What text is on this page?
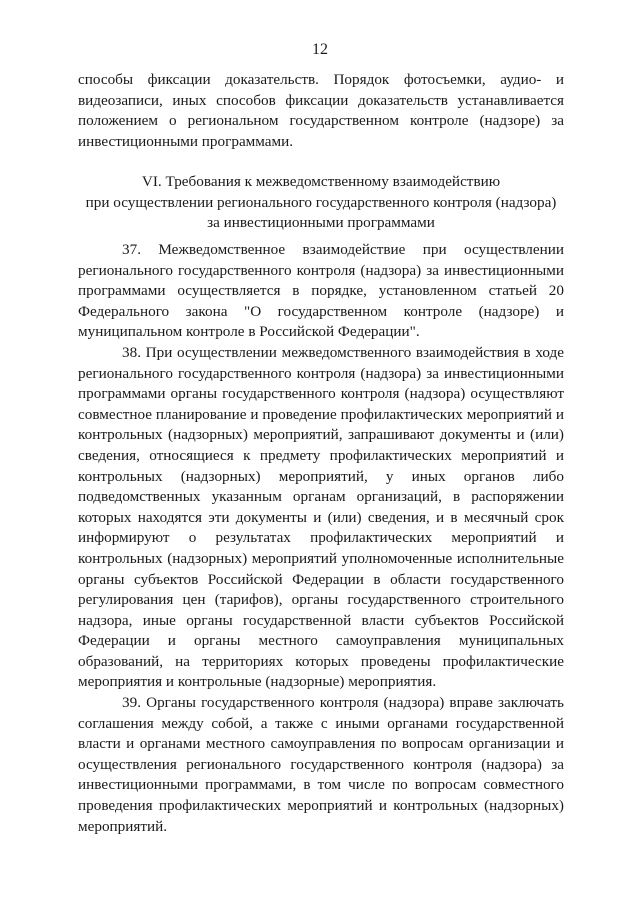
12
способы фиксации доказательств. Порядок фотосъемки, аудио- и видеозаписи, иных способов фиксации доказательств устанавливается положением о региональном государственном контроле (надзоре) за инвестиционными программами.
VI. Требования к межведомственному взаимодействию
при осуществлении регионального государственного контроля (надзора)
за инвестиционными программами

37. Межведомственное взаимодействие при осуществлении регионального государственного контроля (надзора) за инвестиционными программами осуществляется в порядке, установленном статьей 20 Федерального закона "О государственном контроле (надзоре) и муниципальном контроле в Российской Федерации".

38. При осуществлении межведомственного взаимодействия в ходе регионального государственного контроля (надзора) за инвестиционными программами органы государственного контроля (надзора) осуществляют совместное планирование и проведение профилактических мероприятий и контрольных (надзорных) мероприятий, запрашивают документы и (или) сведения, относящиеся к предмету профилактических мероприятий и контрольных (надзорных) мероприятий, у иных органов либо подведомственных указанным органам организаций, в распоряжении которых находятся эти документы и (или) сведения, и в месячный срок информируют о результатах профилактических мероприятий и контрольных (надзорных) мероприятий уполномоченные исполнительные органы субъектов Российской Федерации в области государственного регулирования цен (тарифов), органы государственного строительного надзора, иные органы государственной власти субъектов Российской Федерации и органы местного самоуправления муниципальных образований, на территориях которых проведены профилактические мероприятия и контрольные (надзорные) мероприятия.

39. Органы государственного контроля (надзора) вправе заключать соглашения между собой, а также с иными органами государственной власти и органами местного самоуправления по вопросам организации и осуществления регионального государственного контроля (надзора) за инвестиционными программами, в том числе по вопросам совместного проведения профилактических мероприятий и контрольных (надзорных) мероприятий.
